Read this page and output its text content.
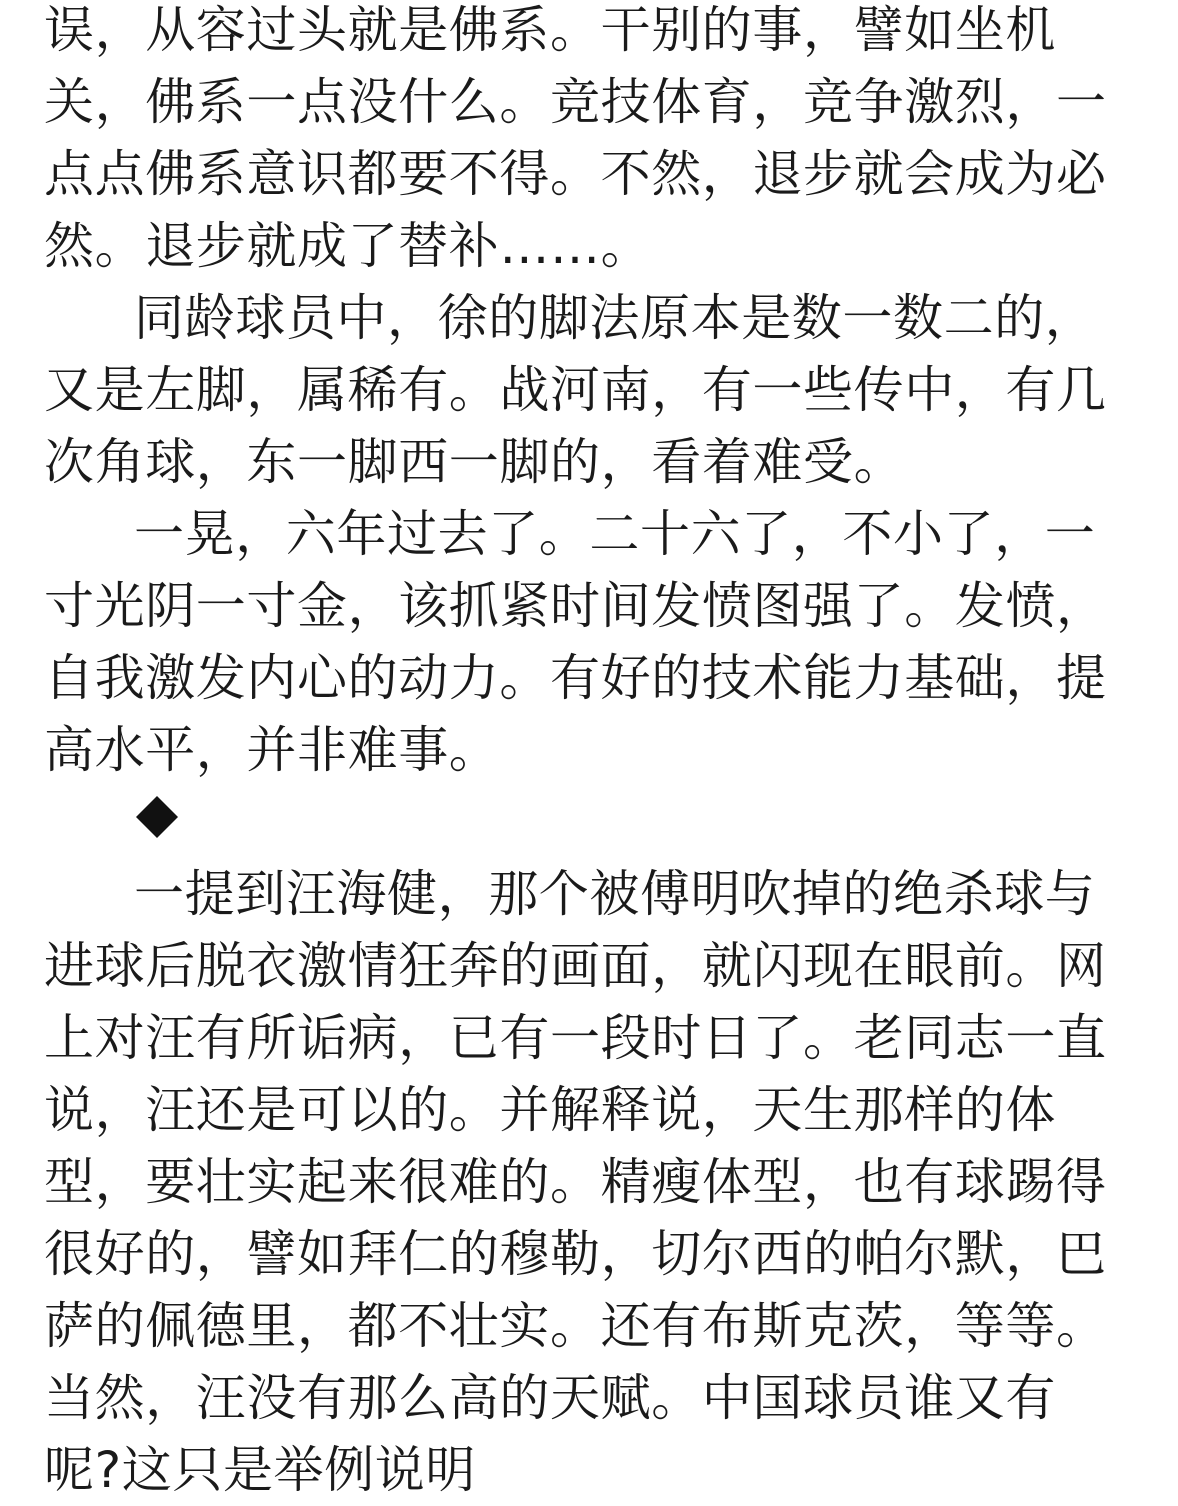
误，从容过头就是佛系。干别的事，譬如坐机
关，佛系一点没什么。竞技体育，竞争激烈，一
点点佛系意识都要不得。不然，退步就会成为必
然。退步就成了替补……。
同龄球员中，徐的脚法原本是数一数二的，
又是左脚，属稀有。战河南，有一些传中，有几
次角球，东一脚西一脚的，看着难受。
一晃，六年过去了。二十六了，不小了，一
寸光阴一寸金，该抓紧时间发愤图强了。发愤，
自我激发内心的动力。有好的技术能力基础，提
高水平，并非难事。
一提到汪海健，那个被傅明吹掉的绝杀球与
进球后脱衣激情狂奔的画面，就闪现在眼前。网
上对汪有所诟病，已有一段时日了。老同志一直
说，汪还是可以的。并解释说，天生那样的体
型，要壮实起来很难的。精瘦体型，也有球踢得
很好的，譬如拜仁的穆勒，切尔西的帕尔默，巴
萨的佩德里，都不壮实。还有布斯克茨，等等。
当然，汪没有那么高的天赋。中国球员谁又有
呢?这只是举例说明
